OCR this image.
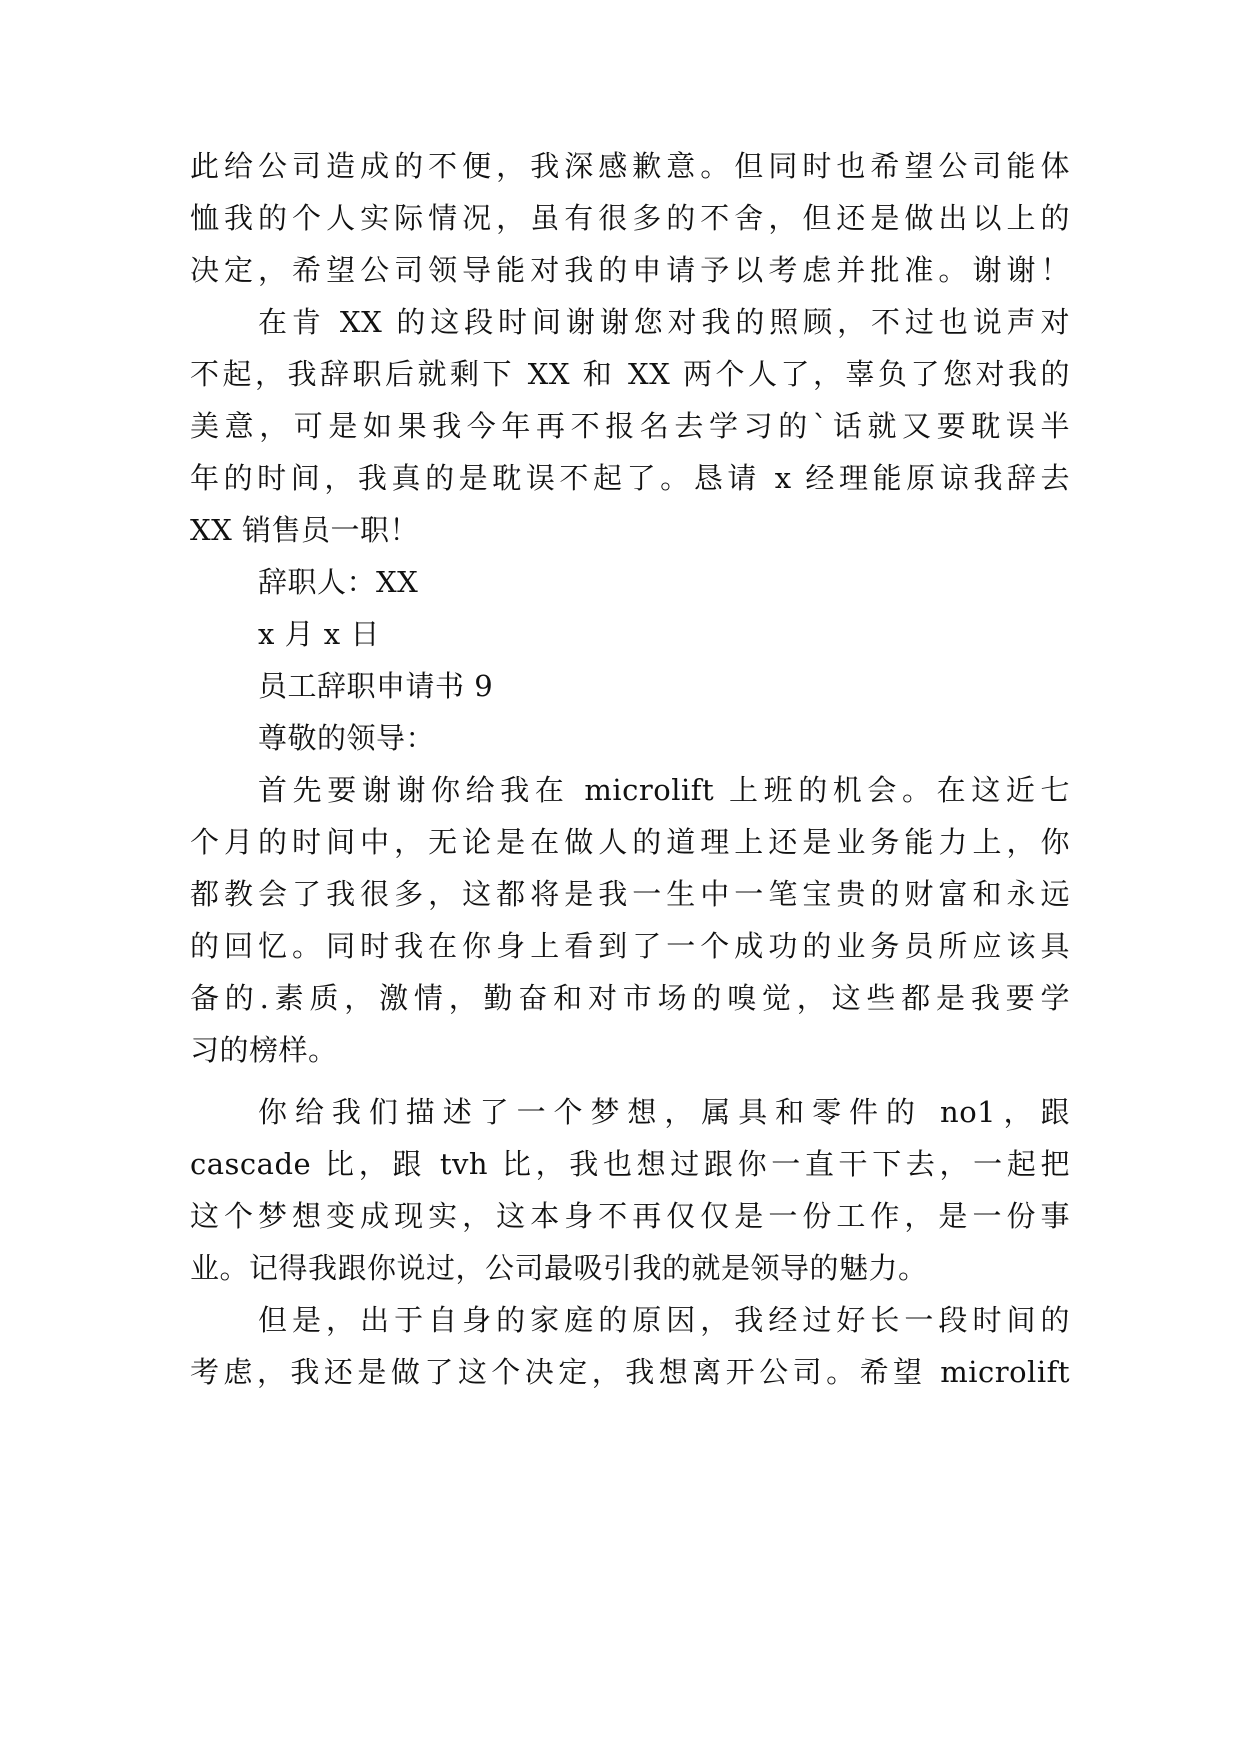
此给公司造成的不便，我深感歉意。但同时也希望公司能体
恤我的个人实际情况，虽有很多的不舍，但还是做出以上的
决定，希望公司领导能对我的申请予以考虑并批准。谢谢！
在肯 XX 的这段时间谢谢您对我的照顾，不过也说声对
不起，我辞职后就剩下 XX 和 XX 两个人了，辜负了您对我的
美意，可是如果我今年再不报名去学习的`话就又要耽误半
年的时间，我真的是耽误不起了。恳请 x 经理能原谅我辞去
XX 销售员一职！
辞职人：XX
x 月 x 日
员工辞职申请书 9
尊敬的领导：
首先要谢谢你给我在 microlift 上班的机会。在这近七
个月的时间中，无论是在做人的道理上还是业务能力上，你
都教会了我很多，这都将是我一生中一笔宝贵的财富和永远
的回忆。同时我在你身上看到了一个成功的业务员所应该具
备的.素质，激情，勤奋和对市场的嗅觉，这些都是我要学
习的榜样。
你给我们描述了一个梦想，属具和零件的 no1，跟
cascade 比，跟 tvh 比，我也想过跟你一直干下去，一起把
这个梦想变成现实，这本身不再仅仅是一份工作，是一份事
业。记得我跟你说过，公司最吸引我的就是领导的魅力。
但是，出于自身的家庭的原因，我经过好长一段时间的
考虑，我还是做了这个决定，我想离开公司。希望 microlift
